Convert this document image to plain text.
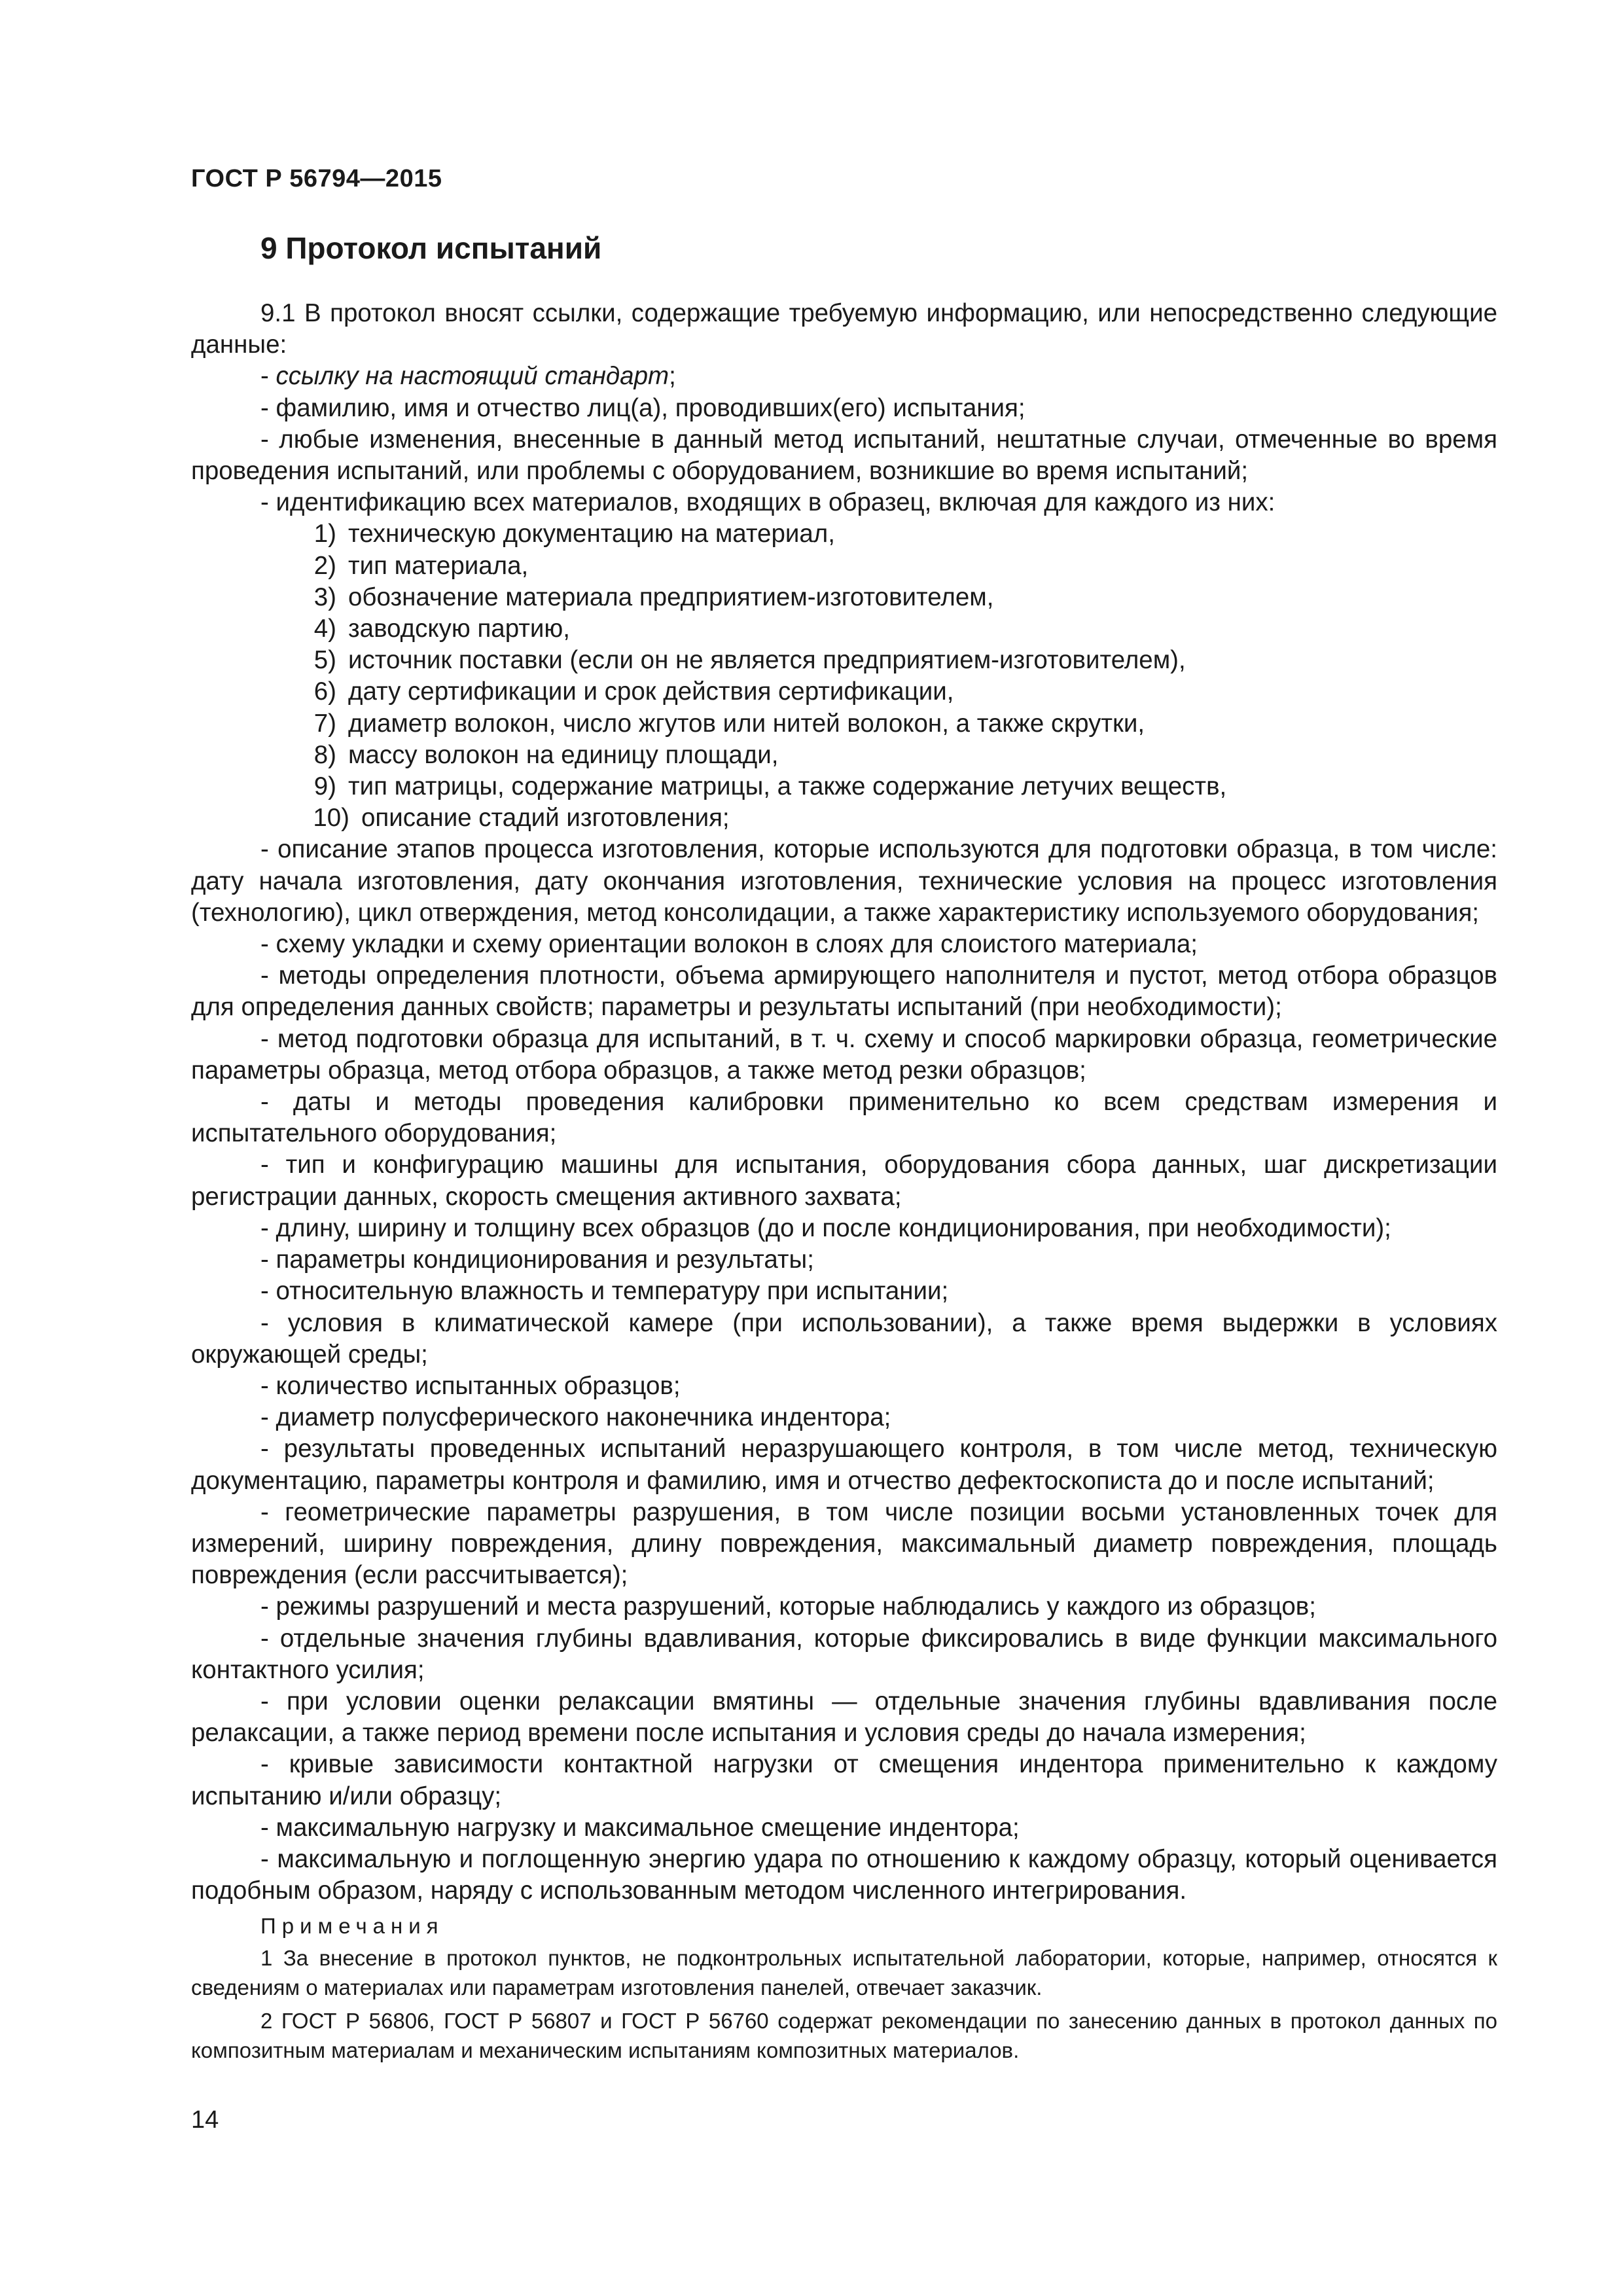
ГОСТ Р 56794—2015
9 Протокол испытаний

9.1 В протокол вносят ссылки, содержащие требуемую информацию, или непосредственно следующие данные:

- ссылку на настоящий стандарт;

- фамилию, имя и отчество лиц(а), проводивших(его) испытания;

- любые изменения, внесенные в данный метод испытаний, нештатные случаи, отмеченные во время проведения испытаний, или проблемы с оборудованием, возникшие во время испытаний;

- идентификацию всех материалов, входящих в образец, включая для каждого из них:

1) техническую документацию на материал,

2) тип материала,

3) обозначение материала предприятием-изготовителем,

4) заводскую партию,

5) источник поставки (если он не является предприятием-изготовителем),

6) дату сертификации и срок действия сертификации,

7) диаметр волокон, число жгутов или нитей волокон, а также скрутки,

8) массу волокон на единицу площади,

9) тип матрицы, содержание матрицы, а также содержание летучих веществ,

10) описание стадий изготовления;

- описание этапов процесса изготовления, которые используются для подготовки образца, в том числе: дату начала изготовления, дату окончания изготовления, технические условия на процесс изготовления (технологию), цикл отверждения, метод консолидации, а также характеристику используемого оборудования;

- схему укладки и схему ориентации волокон в слоях для слоистого материала;

- методы определения плотности, объема армирующего наполнителя и пустот, метод отбора образцов для определения данных свойств; параметры и результаты испытаний (при необходимости);

- метод подготовки образца для испытаний, в т. ч. схему и способ маркировки образца, геометрические параметры образца, метод отбора образцов, а также метод резки образцов;

- даты и методы проведения калибровки применительно ко всем средствам измерения и испытательного оборудования;

- тип и конфигурацию машины для испытания, оборудования сбора данных, шаг дискретизации регистрации данных, скорость смещения активного захвата;

- длину, ширину и толщину всех образцов (до и после кондиционирования, при необходимости);

- параметры кондиционирования и результаты;

- относительную влажность и температуру при испытании;

- условия в климатической камере (при использовании), а также время выдержки в условиях окружающей среды;

- количество испытанных образцов;

- диаметр полусферического наконечника индентора;

- результаты проведенных испытаний неразрушающего контроля, в том числе метод, техническую документацию, параметры контроля и фамилию, имя и отчество дефектоскописта до и после испытаний;

- геометрические параметры разрушения, в том числе позиции восьми установленных точек для измерений, ширину повреждения, длину повреждения, максимальный диаметр повреждения, площадь повреждения (если рассчитывается);

- режимы разрушений и места разрушений, которые наблюдались у каждого из образцов;

- отдельные значения глубины вдавливания, которые фиксировались в виде функции максимального контактного усилия;

- при условии оценки релаксации вмятины — отдельные значения глубины вдавливания после релаксации, а также период времени после испытания и условия среды до начала измерения;

- кривые зависимости контактной нагрузки от смещения индентора применительно к каждому испытанию и/или образцу;

- максимальную нагрузку и максимальное смещение индентора;

- максимальную и поглощенную энергию удара по отношению к каждому образцу, который оценивается подобным образом, наряду с использованным методом численного интегрирования.

Примечания

1 За внесение в протокол пунктов, не подконтрольных испытательной лаборатории, которые, например, относятся к сведениям о материалах или параметрам изготовления панелей, отвечает заказчик.

2 ГОСТ Р 56806, ГОСТ Р 56807 и ГОСТ Р 56760 содержат рекомендации по занесению данных в протокол данных по композитным материалам и механическим испытаниям композитных материалов.

14
